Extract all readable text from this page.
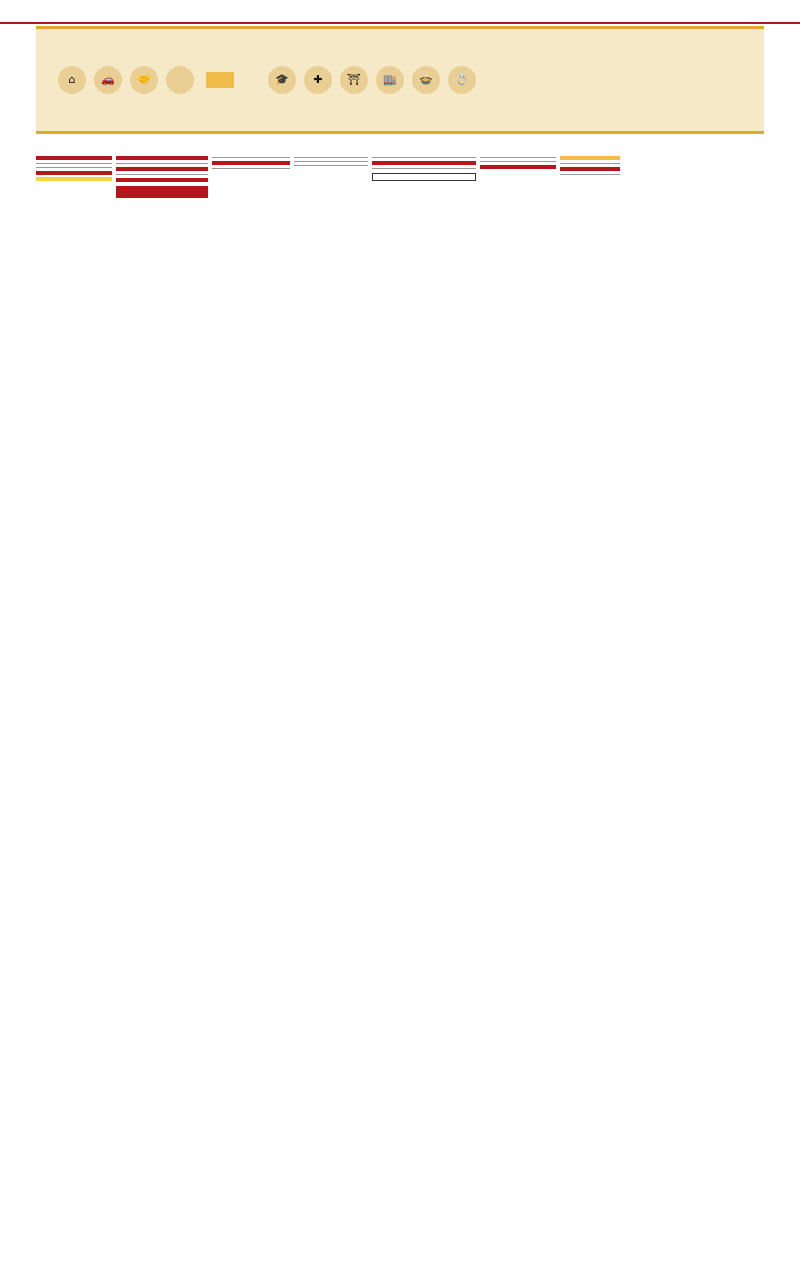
⌂	🚗	🤝	🎓	✚	⛩	🏬	🍲	💍
